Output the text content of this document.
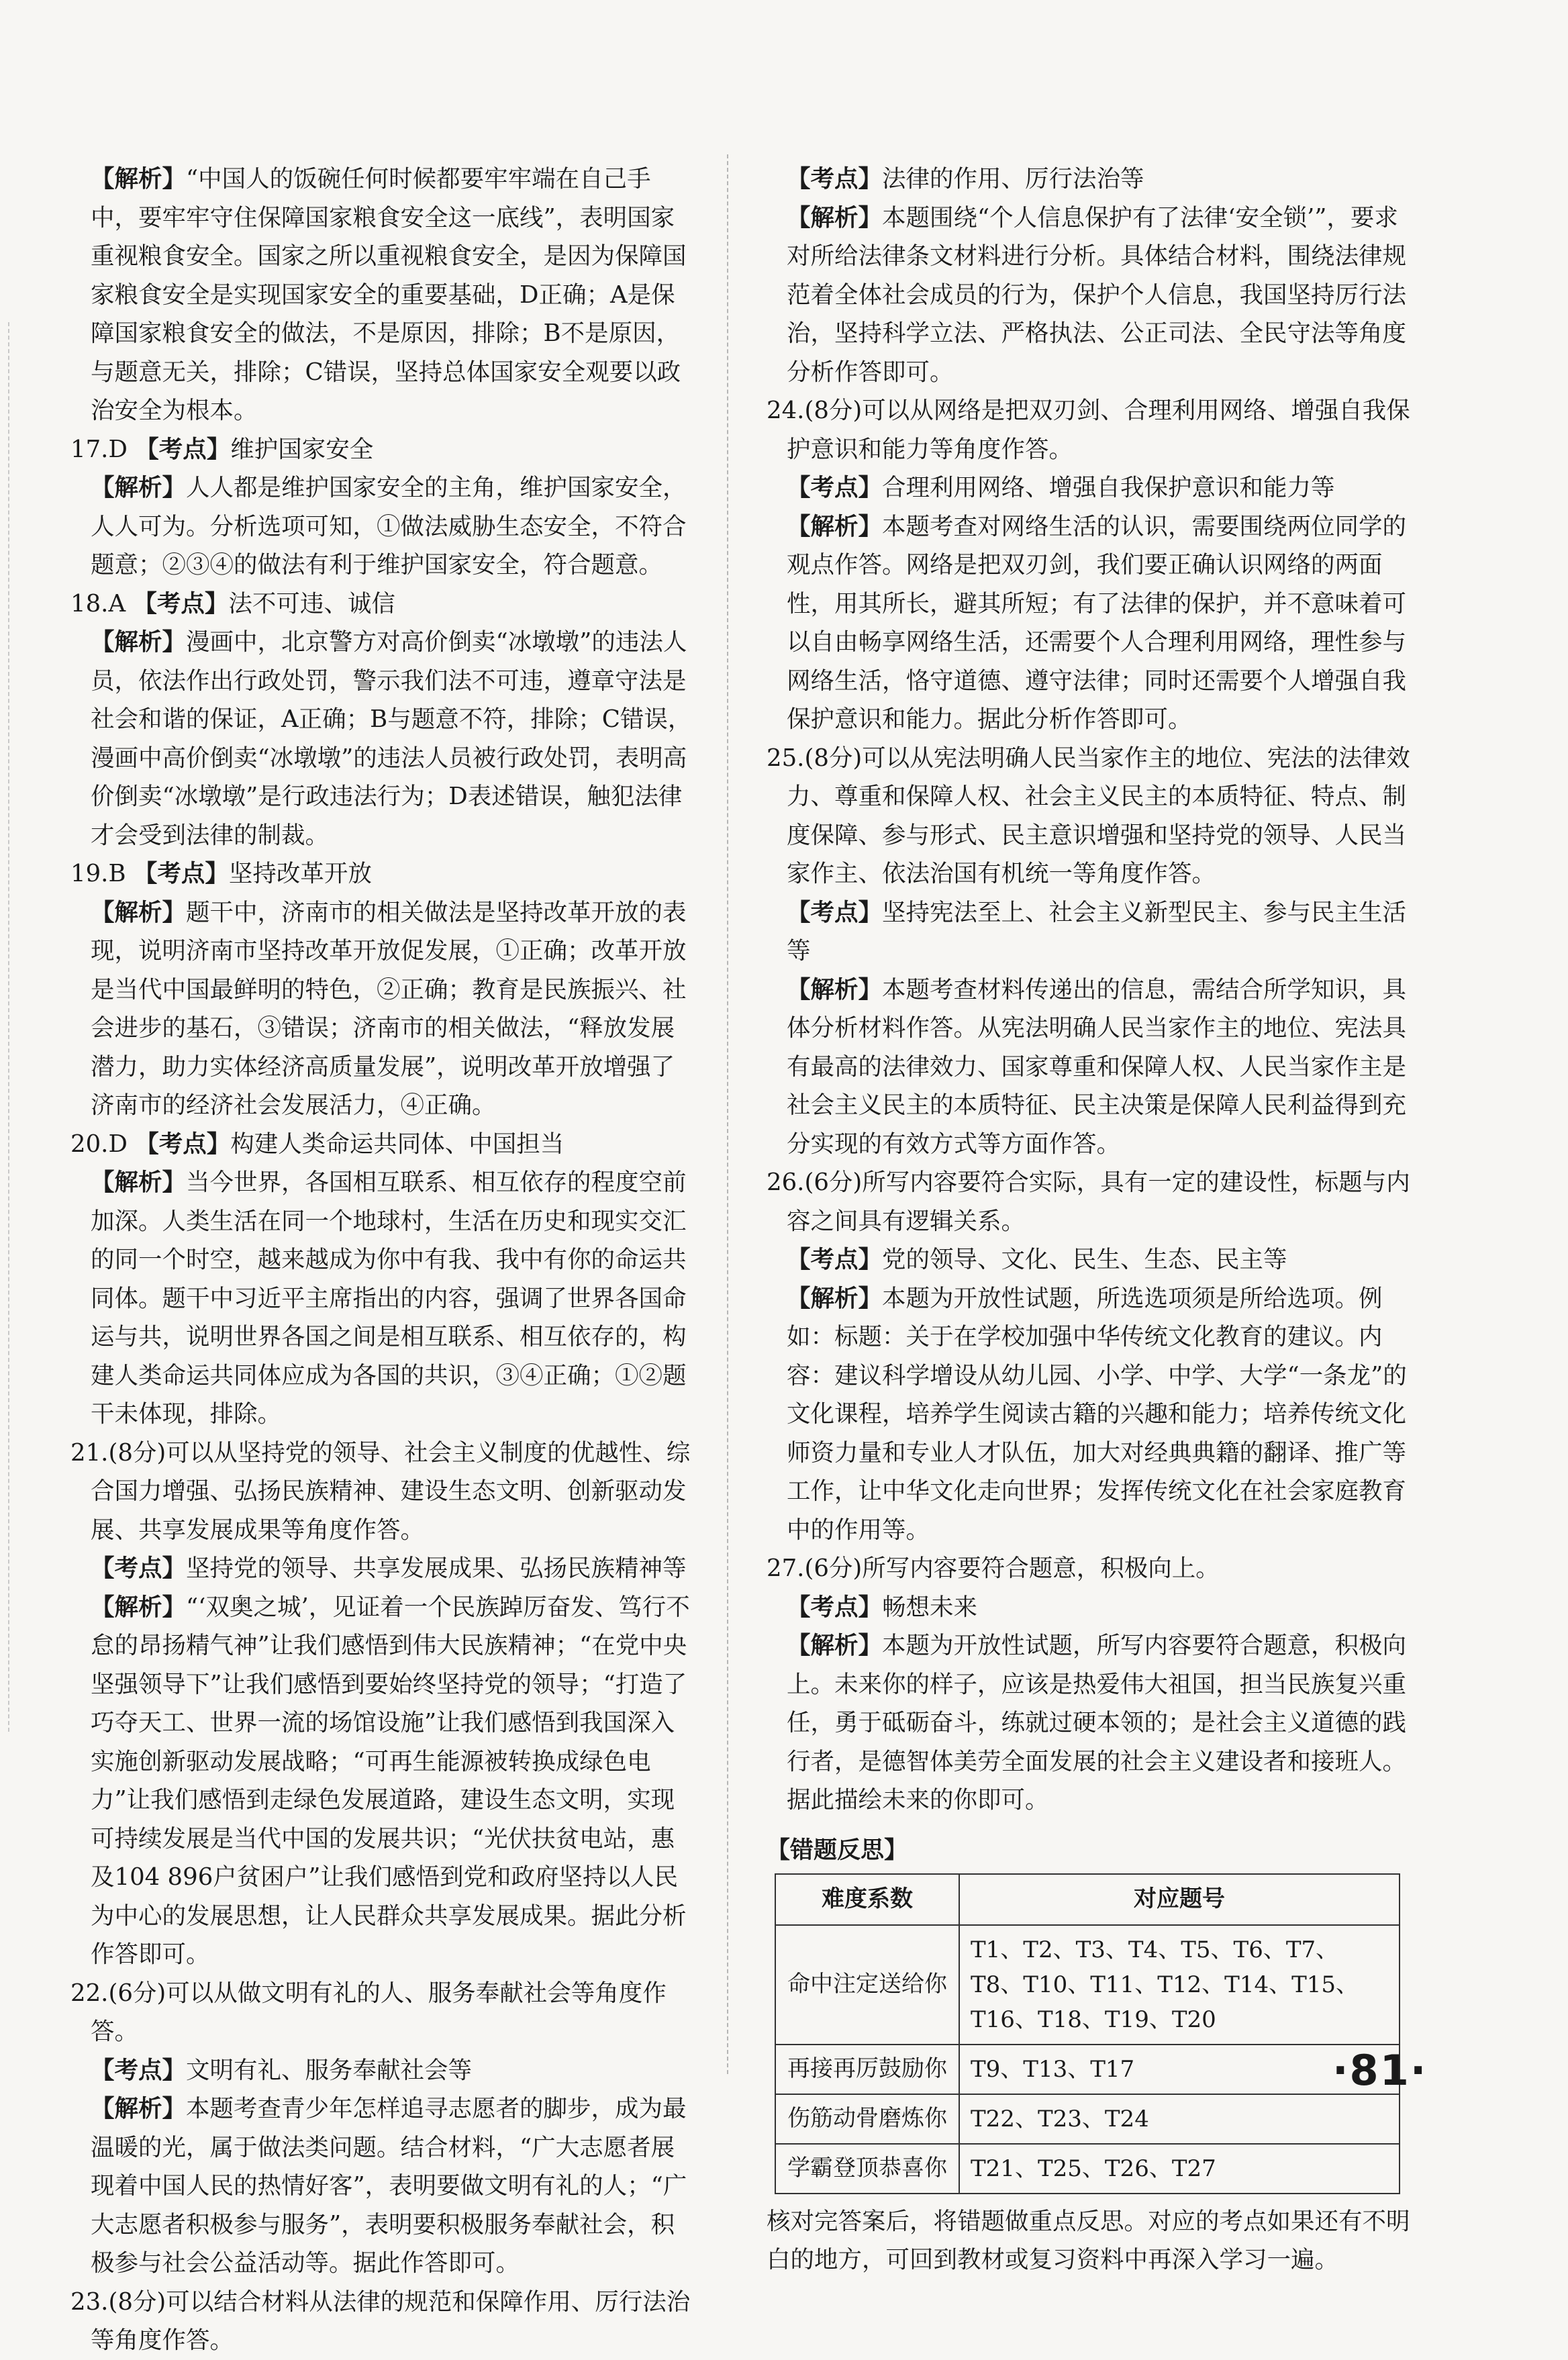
【解析】“中国人的饭碗任何时候都要牢牢端在自己手中，要牢牢守住保障国家粮食安全这一底线”，表明国家重视粮食安全。国家之所以重视粮食安全，是因为保障国家粮食安全是实现国家安全的重要基础，D正确；A是保障国家粮食安全的做法，不是原因，排除；B不是原因，与题意无关，排除；C错误，坚持总体国家安全观要以政治安全为根本。
17.D 【考点】维护国家安全
【解析】人人都是维护国家安全的主角，维护国家安全，人人可为。分析选项可知，①做法威胁生态安全，不符合题意；②③④的做法有利于维护国家安全，符合题意。
18.A 【考点】法不可违、诚信
【解析】漫画中，北京警方对高价倒卖“冰墩墩”的违法人员，依法作出行政处罚，警示我们法不可违，遵章守法是社会和谐的保证，A正确；B与题意不符，排除；C错误，漫画中高价倒卖“冰墩墩”的违法人员被行政处罚，表明高价倒卖“冰墩墩”是行政违法行为；D表述错误，触犯法律才会受到法律的制裁。
19.B 【考点】坚持改革开放
【解析】题干中，济南市的相关做法是坚持改革开放的表现，说明济南市坚持改革开放促发展，①正确；改革开放是当代中国最鲜明的特色，②正确；教育是民族振兴、社会进步的基石，③错误；济南市的相关做法，“释放发展潜力，助力实体经济高质量发展”，说明改革开放增强了济南市的经济社会发展活力，④正确。
20.D 【考点】构建人类命运共同体、中国担当
【解析】当今世界，各国相互联系、相互依存的程度空前加深。人类生活在同一个地球村，生活在历史和现实交汇的同一个时空，越来越成为你中有我、我中有你的命运共同体。题干中习近平主席指出的内容，强调了世界各国命运与共，说明世界各国之间是相互联系、相互依存的，构建人类命运共同体应成为各国的共识，③④正确；①②题干未体现，排除。
21.(8分)可以从坚持党的领导、社会主义制度的优越性、综合国力增强、弘扬民族精神、建设生态文明、创新驱动发展、共享发展成果等角度作答。
【考点】坚持党的领导、共享发展成果、弘扬民族精神等
【解析】“‘双奥之城’，见证着一个民族踔厉奋发、笃行不怠的昂扬精气神”让我们感悟到伟大民族精神；“在党中央坚强领导下”让我们感悟到要始终坚持党的领导；“打造了巧夺天工、世界一流的场馆设施”让我们感悟到我国深入实施创新驱动发展战略；“可再生能源被转换成绿色电力”让我们感悟到走绿色发展道路，建设生态文明，实现可持续发展是当代中国的发展共识；“光伏扶贫电站，惠及104 896户贫困户”让我们感悟到党和政府坚持以人民为中心的发展思想，让人民群众共享发展成果。据此分析作答即可。
22.(6分)可以从做文明有礼的人、服务奉献社会等角度作答。
【考点】文明有礼、服务奉献社会等
【解析】本题考查青少年怎样追寻志愿者的脚步，成为最温暖的光，属于做法类问题。结合材料，“广大志愿者展现着中国人民的热情好客”，表明要做文明有礼的人；“广大志愿者积极参与服务”，表明要积极服务奉献社会，积极参与社会公益活动等。据此作答即可。
23.(8分)可以结合材料从法律的规范和保障作用、厉行法治等角度作答。
【考点】法律的作用、厉行法治等
【解析】本题围绕“个人信息保护有了法律‘安全锁’”，要求对所给法律条文材料进行分析。具体结合材料，围绕法律规范着全体社会成员的行为，保护个人信息，我国坚持厉行法治，坚持科学立法、严格执法、公正司法、全民守法等角度分析作答即可。
24.(8分)可以从网络是把双刃剑、合理利用网络、增强自我保护意识和能力等角度作答。
【考点】合理利用网络、增强自我保护意识和能力等
【解析】本题考查对网络生活的认识，需要围绕两位同学的观点作答。网络是把双刃剑，我们要正确认识网络的两面性，用其所长，避其所短；有了法律的保护，并不意味着可以自由畅享网络生活，还需要个人合理利用网络，理性参与网络生活，恪守道德、遵守法律；同时还需要个人增强自我保护意识和能力。据此分析作答即可。
25.(8分)可以从宪法明确人民当家作主的地位、宪法的法律效力、尊重和保障人权、社会主义民主的本质特征、特点、制度保障、参与形式、民主意识增强和坚持党的领导、人民当家作主、依法治国有机统一等角度作答。
【考点】坚持宪法至上、社会主义新型民主、参与民主生活等
【解析】本题考查材料传递出的信息，需结合所学知识，具体分析材料作答。从宪法明确人民当家作主的地位、宪法具有最高的法律效力、国家尊重和保障人权、人民当家作主是社会主义民主的本质特征、民主决策是保障人民利益得到充分实现的有效方式等方面作答。
26.(6分)所写内容要符合实际，具有一定的建设性，标题与内容之间具有逻辑关系。
【考点】党的领导、文化、民生、生态、民主等
【解析】本题为开放性试题，所选选项须是所给选项。例如：标题：关于在学校加强中华传统文化教育的建议。内容：建议科学增设从幼儿园、小学、中学、大学“一条龙”的文化课程，培养学生阅读古籍的兴趣和能力；培养传统文化师资力量和专业人才队伍，加大对经典典籍的翻译、推广等工作，让中华文化走向世界；发挥传统文化在社会家庭教育中的作用等。
27.(6分)所写内容要符合题意，积极向上。
【考点】畅想未来
【解析】本题为开放性试题，所写内容要符合题意，积极向上。未来你的样子，应该是热爱伟大祖国，担当民族复兴重任，勇于砥砺奋斗，练就过硬本领的；是社会主义道德的践行者，是德智体美劳全面发展的社会主义建设者和接班人。据此描绘未来的你即可。
【错题反思】
难度系数	对应题号
命中注定送给你	T1、T2、T3、T4、T5、T6、T7、T8、T10、T11、T12、T14、T15、T16、T18、T19、T20
再接再厉鼓励你	T9、T13、T17
伤筋动骨磨炼你	T22、T23、T24
学霸登顶恭喜你	T21、T25、T26、T27
核对完答案后，将错题做重点反思。对应的考点如果还有不明白的地方，可回到教材或复习资料中再深入学习一遍。
·81·
